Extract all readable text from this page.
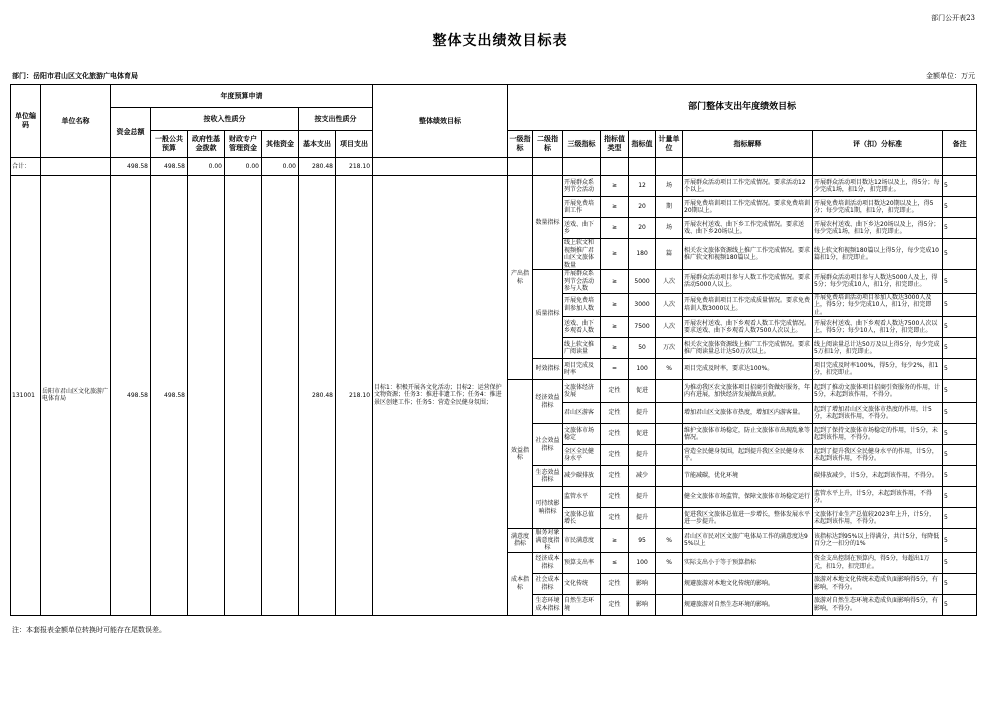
部门公开表23
整体支出绩效目标表
部门：岳阳市君山区文化旅游广电体育局	金额单位：万元
单位编码	单位名称	年度预算申请							整体绩效目标	部门整体支出年度绩效目标								
		资金总额	按收入性质分				按支出性质分											
			一般公共预算	政府性基金拨款	财政专户管理资金	其他资金	基本支出	项目支出		一级指标	二级指标	三级指标	指标值类型	指标值	计量单位	指标解释	评（扣）分标准	备注
合计：		498.58	498.58	0.00	0.00	0.00	280.48	218.10										
131001	岳阳市君山区文化旅游广电体育局	498.58	498.58				280.48	218.10	目标1：积极开展各文化活动；目标2：运营保护文物资源；任务3：推进非遗工作；任务4：推进景区创建工作；任务5：营造全民健身氛围；	产出指标	数量指标	开展群众系列节会活动	≥	12	场	开展群众活动项目工作完成情况。要求活动12个以上。	开展群众活动项目数达12场以及上，得5分；每少完成1场，扣1分，扣完即止。	5
												开展免费培训工作	≥	20	期	开展免费培训项目工作完成情况。要求免费培训20期以上。	开展免费培训活动项目数达20期以及上，得5分；每少完成1期，扣1分，扣完即止。	5
												送戏、曲下乡	≥	20	场	开展农村送戏、曲下乡工作完成情况。要求送戏、曲下乡20场以上。	开展农村送戏、曲下乡达20场以及上，得5分；每少完成1场，扣1分，扣完即止。	5
												线上软文和视频推广君山区文旅体数量	≥	180	篇	相关农文旅体资源线上推广工作完成情况。要求推广软文和视频180篇以上。	线上软文和视频180篇以上得5分，每少完成10篇扣1分，扣完即止。	5
											质量指标	开展群众系列节会活动参与人数	≥	5000	人次	开展群众活动项目参与人数工作完成情况。要求活动5000人以上。	开展群众活动项目参与人数达5000人及上，得5分；每少完成10人，扣1分，扣完即止。	5
												开展免费培训参加人数	≥	3000	人次	开展免费培训项目工作完成质量情况。要求免费培训人数3000以上。	开展免费培训活动项目参加人数达3000人及上，得5分；每少完成10人，扣1分，扣完即止。	5
												送戏、曲下乡观看人数	≥	7500	人次	开展农村送戏、曲下乡观看人数工作完成情况。要求送戏、曲下乡观看人数7500人次以上。	开展农村送戏、曲下乡观看人数达7500人次以上，得5分；每少10人，扣1分，扣完即止。	5
												线上软文推广阅读量	≥	50	万次	相关农文旅体资源线上推广工作完成情况。要求推广阅读量总计达50万次以上。	线上阅读量总计达50万及以上得5分，每少完成5万扣1分，扣完即止。	5
											时效指标	项目完成及时率	=	100	%	项目完成及时率，要求达100%。	项目完成及时率100%，得5分，每少2%，扣1分，扣完即止。	5
										效益指标	经济效益指标	文旅体经济发展	定性	促进		为推动我区农文旅体项目招商引资做好服务，年内有进展，加快经济发展做出贡献。	起到了推动文旅体项目招商引资服务的作用，计5分，未起到该作用，不得分。	5
												君山区游客	定性	提升		增加君山区文旅体市热度，增加区内游客量。	起到了增加君山区文旅体市热度的作用，计5分，未起到该作用，不得分。	5
											社会效益指标	文旅体市场稳定	定性	促进		维护文旅体市场稳定，防止文旅体市出现乱象等情况。	起到了保持文旅体市场稳定的作用，计5分，未起到该作用，不得分。	5
												全区全民健身水平	定性	提升		营造全民健身氛围，起到提升我区全民健身水平。	起到了提升我区全民健身水平的作用，计5分，未起到该作用，不得分。	5
											生态效益指标	减少碳排放	定性	减少		节能减碳，优化环境	碳排放减少，计5分，未起到该作用，不得分。	5
											可持续影响指标	监管水平	定性	提升		健全文旅体市场监管，保障文旅体市场稳定运行	监管水平上升，计5分，未起到该作用，不得分。	5
												文旅体总值增长	定性	提升		促进我区文旅体总值进一步增长，整体发展水平进一步提升。	文旅体行业生产总值较2023年上升，计5分，未起到该作用，不得分。	5
										满意度指标	服务对象满意度指标	市民满意度	≥	95	%	君山区市民对区文旅广电体局工作的满意度达95%以上	该指标达到95%以上得满分，共计5分，每降低百分之一扣分的1%	5
										成本指标	经济成本指标	预算支出率	≤	100	%	实际支出小于等于预算指标	资金支出控制在预算内，得5分，每超出1万元，扣1分，扣完即止。	5
											社会成本指标	文化传统	定性	影响		规避旅游对本地文化传统的影响。	旅游对本地文化传统未造成负面影响得5分，有影响，不得分。	5
											生态环境成本指标	自然生态环境	定性	影响		规避旅游对自然生态环境的影响。	旅游对自然生态环境未造成负面影响得5分，有影响，不得分。	5
注：本套报表金额单位转换时可能存在尾数误差。
